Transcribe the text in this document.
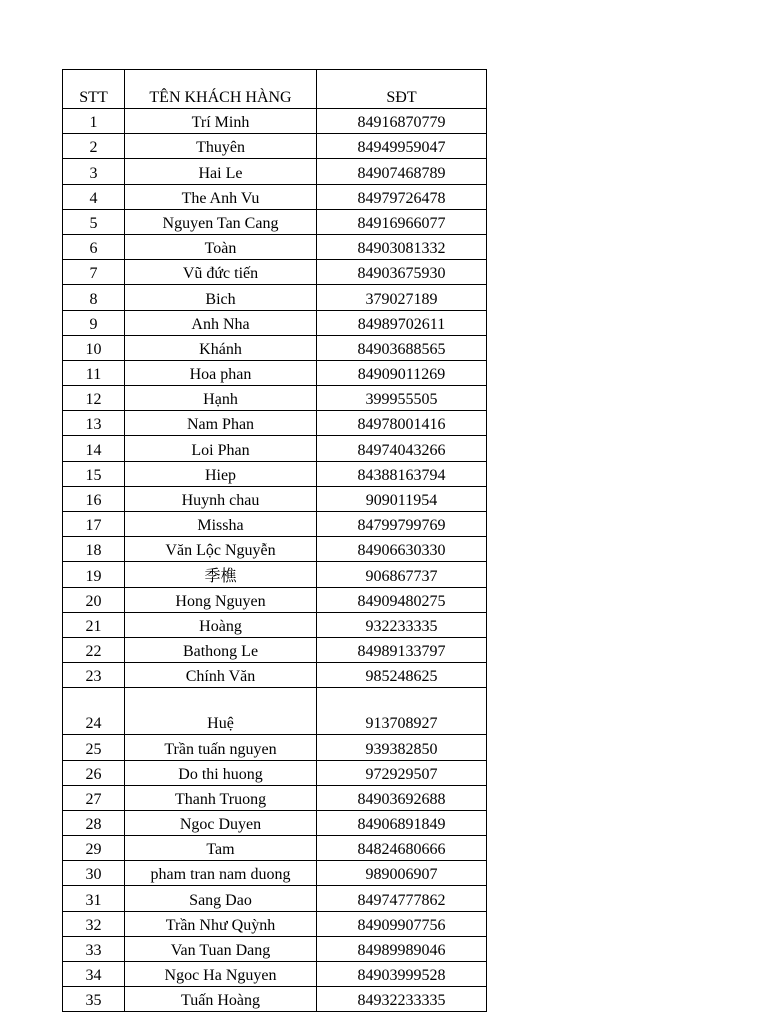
STT	TÊN KHÁCH HÀNG	SĐT
1	Trí Minh	84916870779
2	Thuyên	84949959047
3	Hai Le	84907468789
4	The Anh Vu	84979726478
5	Nguyen Tan Cang	84916966077
6	Toàn	84903081332
7	Vũ đức tiến	84903675930
8	Bich	379027189
9	Anh Nha	84989702611
10	Khánh	84903688565
11	Hoa phan	84909011269
12	Hạnh	399955505
13	Nam Phan	84978001416
14	Loi Phan	84974043266
15	Hiep	84388163794
16	Huynh chau	909011954
17	Missha	84799799769
18	Văn Lộc Nguyễn	84906630330
19	季樵	906867737
20	Hong Nguyen	84909480275
21	Hoàng	932233335
22	Bathong Le	84989133797
23	Chính Văn	985248625
24	Huệ	913708927
25	Trần tuấn nguyen	939382850
26	Do thi huong	972929507
27	Thanh Truong	84903692688
28	Ngoc Duyen	84906891849
29	Tam	84824680666
30	pham tran nam duong	989006907
31	Sang Dao	84974777862
32	Trần Như Quỳnh	84909907756
33	Van Tuan Dang	84989989046
34	Ngoc Ha Nguyen	84903999528
35	Tuấn Hoàng	84932233335
